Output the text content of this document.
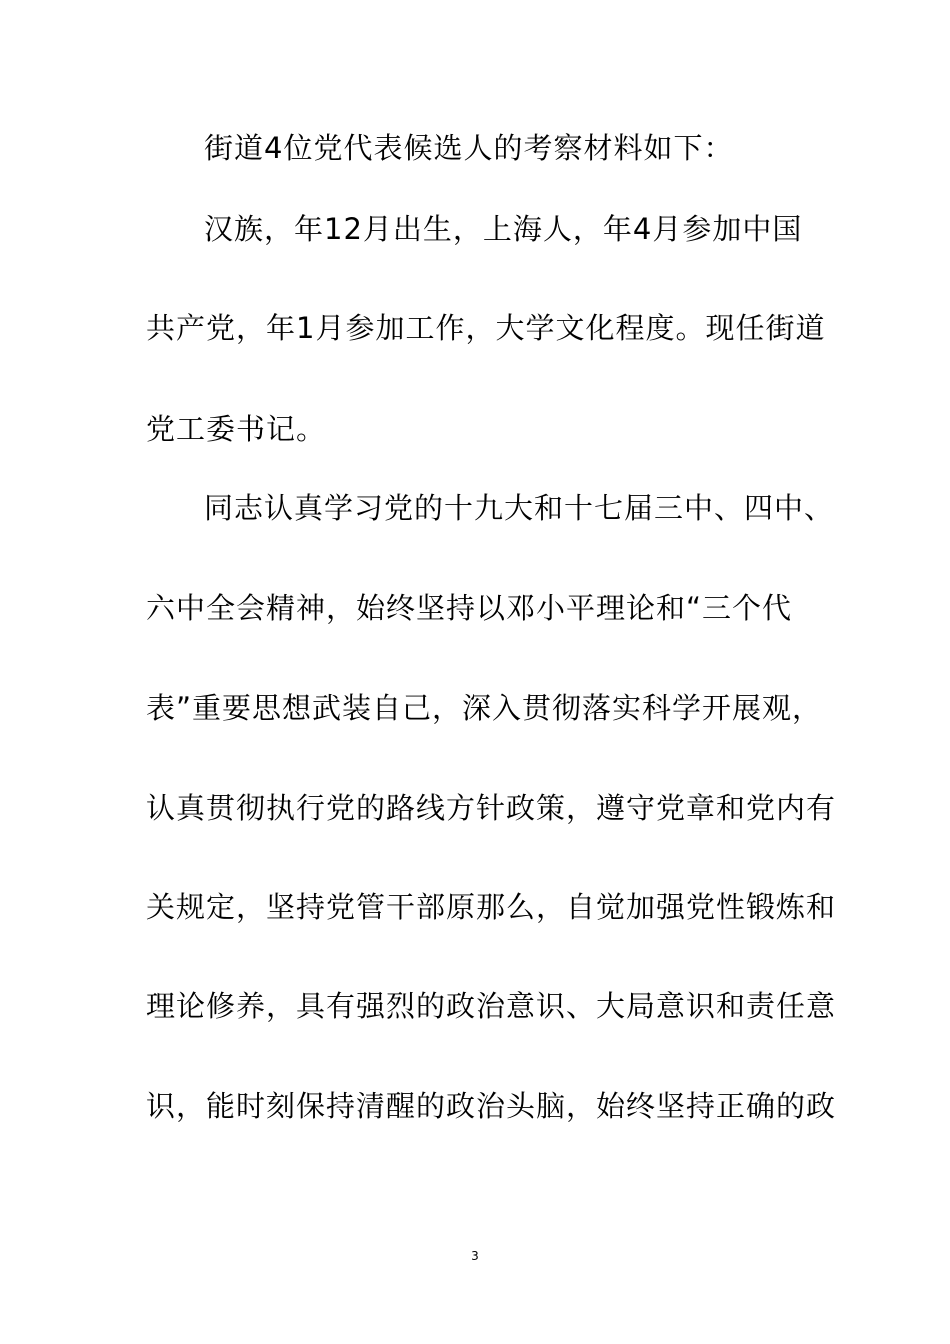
街道4位党代表候选人的考察材料如下：
汉族，年12月出生，上海人，年4月参加中国
共产党，年1月参加工作，大学文化程度。现任街道
党工委书记。
同志认真学习党的十九大和十七届三中、四中、
六中全会精神，始终坚持以邓小平理论和“三个代
表”重要思想武装自己，深入贯彻落实科学开展观，
认真贯彻执行党的路线方针政策，遵守党章和党内有
关规定，坚持党管干部原那么，自觉加强党性锻炼和
理论修养，具有强烈的政治意识、大局意识和责任意
识，能时刻保持清醒的政治头脑，始终坚持正确的政
3
